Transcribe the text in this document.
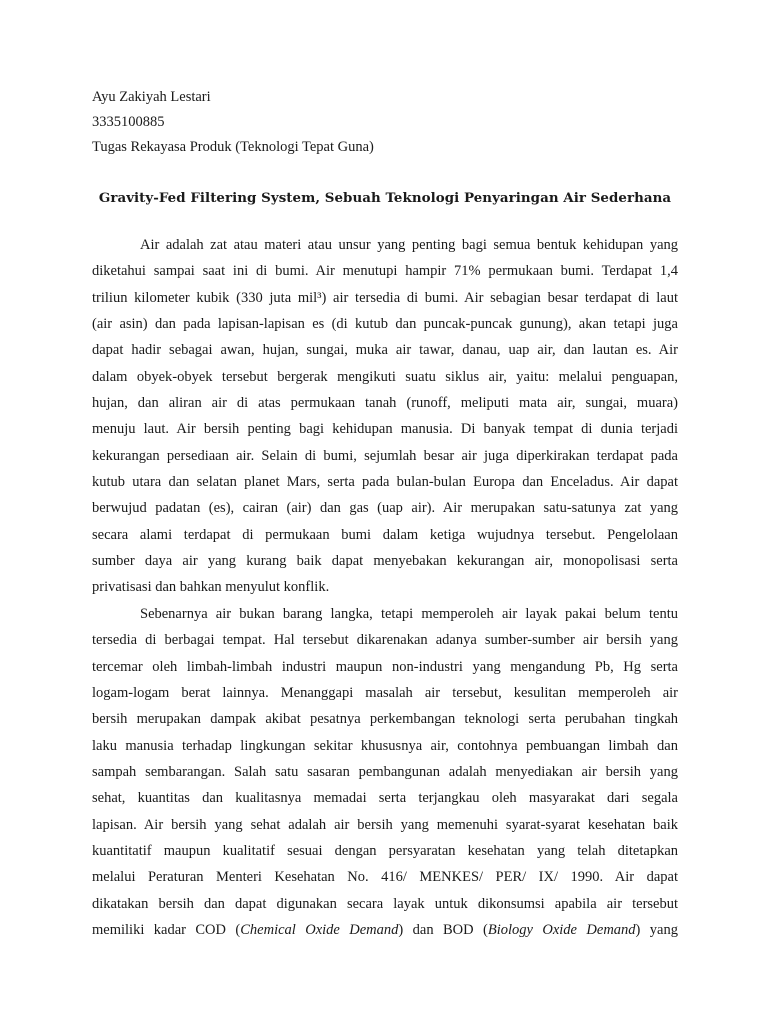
Ayu Zakiyah Lestari
3335100885
Tugas Rekayasa Produk (Teknologi Tepat Guna)
Gravity-Fed Filtering System, Sebuah Teknologi Penyaringan Air Sederhana
Air adalah zat atau materi atau unsur yang penting bagi semua bentuk kehidupan yang
diketahui sampai saat ini di bumi. Air menutupi hampir 71% permukaan bumi. Terdapat 1,4
triliun kilometer kubik (330 juta mil³) air tersedia di bumi. Air sebagian besar terdapat di laut
(air asin) dan pada lapisan-lapisan es (di kutub dan puncak-puncak gunung), akan tetapi juga
dapat hadir sebagai awan, hujan, sungai, muka air tawar, danau, uap air, dan lautan es. Air
dalam obyek-obyek tersebut bergerak mengikuti suatu siklus air, yaitu: melalui penguapan,
hujan, dan aliran air di atas permukaan tanah (runoff, meliputi mata air, sungai, muara)
menuju laut. Air bersih penting bagi kehidupan manusia. Di banyak tempat di dunia terjadi
kekurangan persediaan air. Selain di bumi, sejumlah besar air juga diperkirakan terdapat pada
kutub utara dan selatan planet Mars, serta pada bulan-bulan Europa dan Enceladus. Air dapat
berwujud padatan (es), cairan (air) dan gas (uap air). Air merupakan satu-satunya zat yang
secara alami terdapat di permukaan bumi dalam ketiga wujudnya tersebut. Pengelolaan
sumber daya air yang kurang baik dapat menyebakan kekurangan air, monopolisasi serta
privatisasi dan bahkan menyulut konflik.
Sebenarnya air bukan barang langka, tetapi memperoleh air layak pakai belum tentu
tersedia di berbagai tempat. Hal tersebut dikarenakan adanya sumber-sumber air bersih yang
tercemar oleh limbah-limbah industri maupun non-industri yang mengandung Pb, Hg serta
logam-logam berat lainnya. Menanggapi masalah air tersebut, kesulitan memperoleh air
bersih merupakan dampak akibat pesatnya perkembangan teknologi serta perubahan tingkah
laku manusia terhadap lingkungan sekitar khususnya air, contohnya pembuangan limbah dan
sampah sembarangan. Salah satu sasaran pembangunan adalah menyediakan air bersih yang
sehat, kuantitas dan kualitasnya memadai serta terjangkau oleh masyarakat dari segala
lapisan. Air bersih yang sehat adalah air bersih yang memenuhi syarat-syarat kesehatan baik
kuantitatif maupun kualitatif sesuai dengan persyaratan kesehatan yang telah ditetapkan
melalui Peraturan Menteri Kesehatan No. 416/ MENKES/ PER/ IX/ 1990. Air dapat
dikatakan bersih dan dapat digunakan secara layak untuk dikonsumsi apabila air tersebut
memiliki kadar COD (Chemical Oxide Demand) dan BOD (Biology Oxide Demand) yang
